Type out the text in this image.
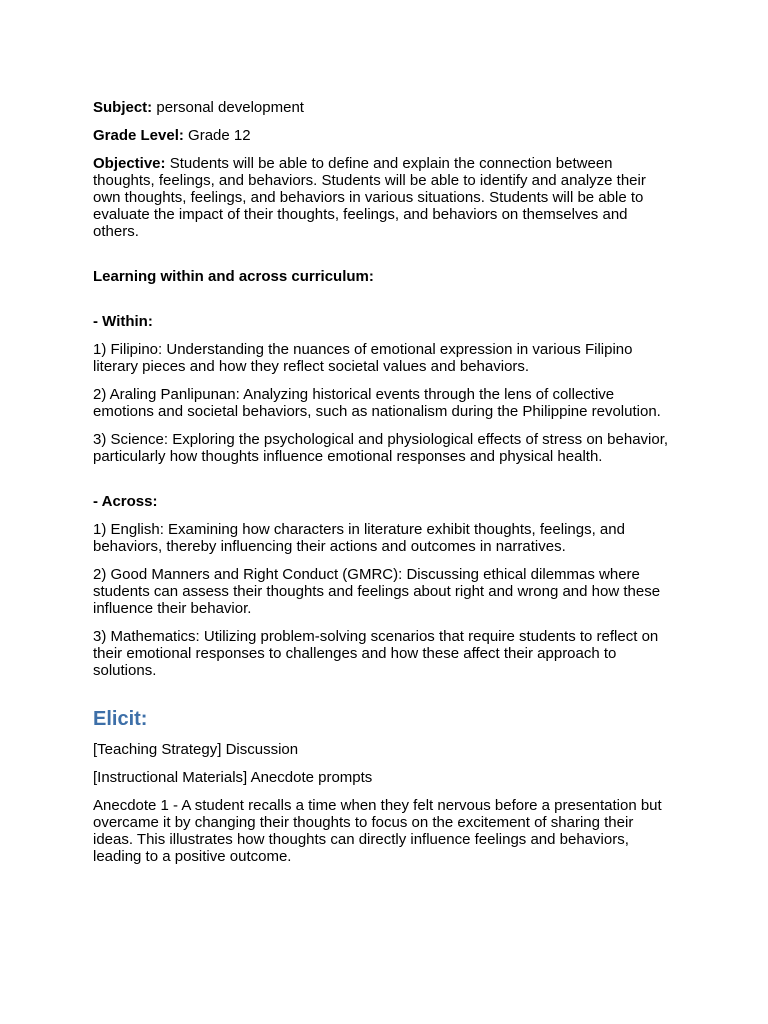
Subject: personal development

Grade Level: Grade 12

Objective: Students will be able to define and explain the connection between thoughts, feelings, and behaviors. Students will be able to identify and analyze their own thoughts, feelings, and behaviors in various situations. Students will be able to evaluate the impact of their thoughts, feelings, and behaviors on themselves and others.

Learning within and across curriculum:

- Within:

1) Filipino: Understanding the nuances of emotional expression in various Filipino literary pieces and how they reflect societal values and behaviors.

2) Araling Panlipunan: Analyzing historical events through the lens of collective emotions and societal behaviors, such as nationalism during the Philippine revolution.

3) Science: Exploring the psychological and physiological effects of stress on behavior, particularly how thoughts influence emotional responses and physical health.

- Across:

1) English: Examining how characters in literature exhibit thoughts, feelings, and behaviors, thereby influencing their actions and outcomes in narratives.

2) Good Manners and Right Conduct (GMRC): Discussing ethical dilemmas where students can assess their thoughts and feelings about right and wrong and how these influence their behavior.

3) Mathematics: Utilizing problem-solving scenarios that require students to reflect on their emotional responses to challenges and how these affect their approach to solutions.

Elicit:

[Teaching Strategy] Discussion

[Instructional Materials] Anecdote prompts

Anecdote 1 - A student recalls a time when they felt nervous before a presentation but overcame it by changing their thoughts to focus on the excitement of sharing their ideas. This illustrates how thoughts can directly influence feelings and behaviors, leading to a positive outcome.
